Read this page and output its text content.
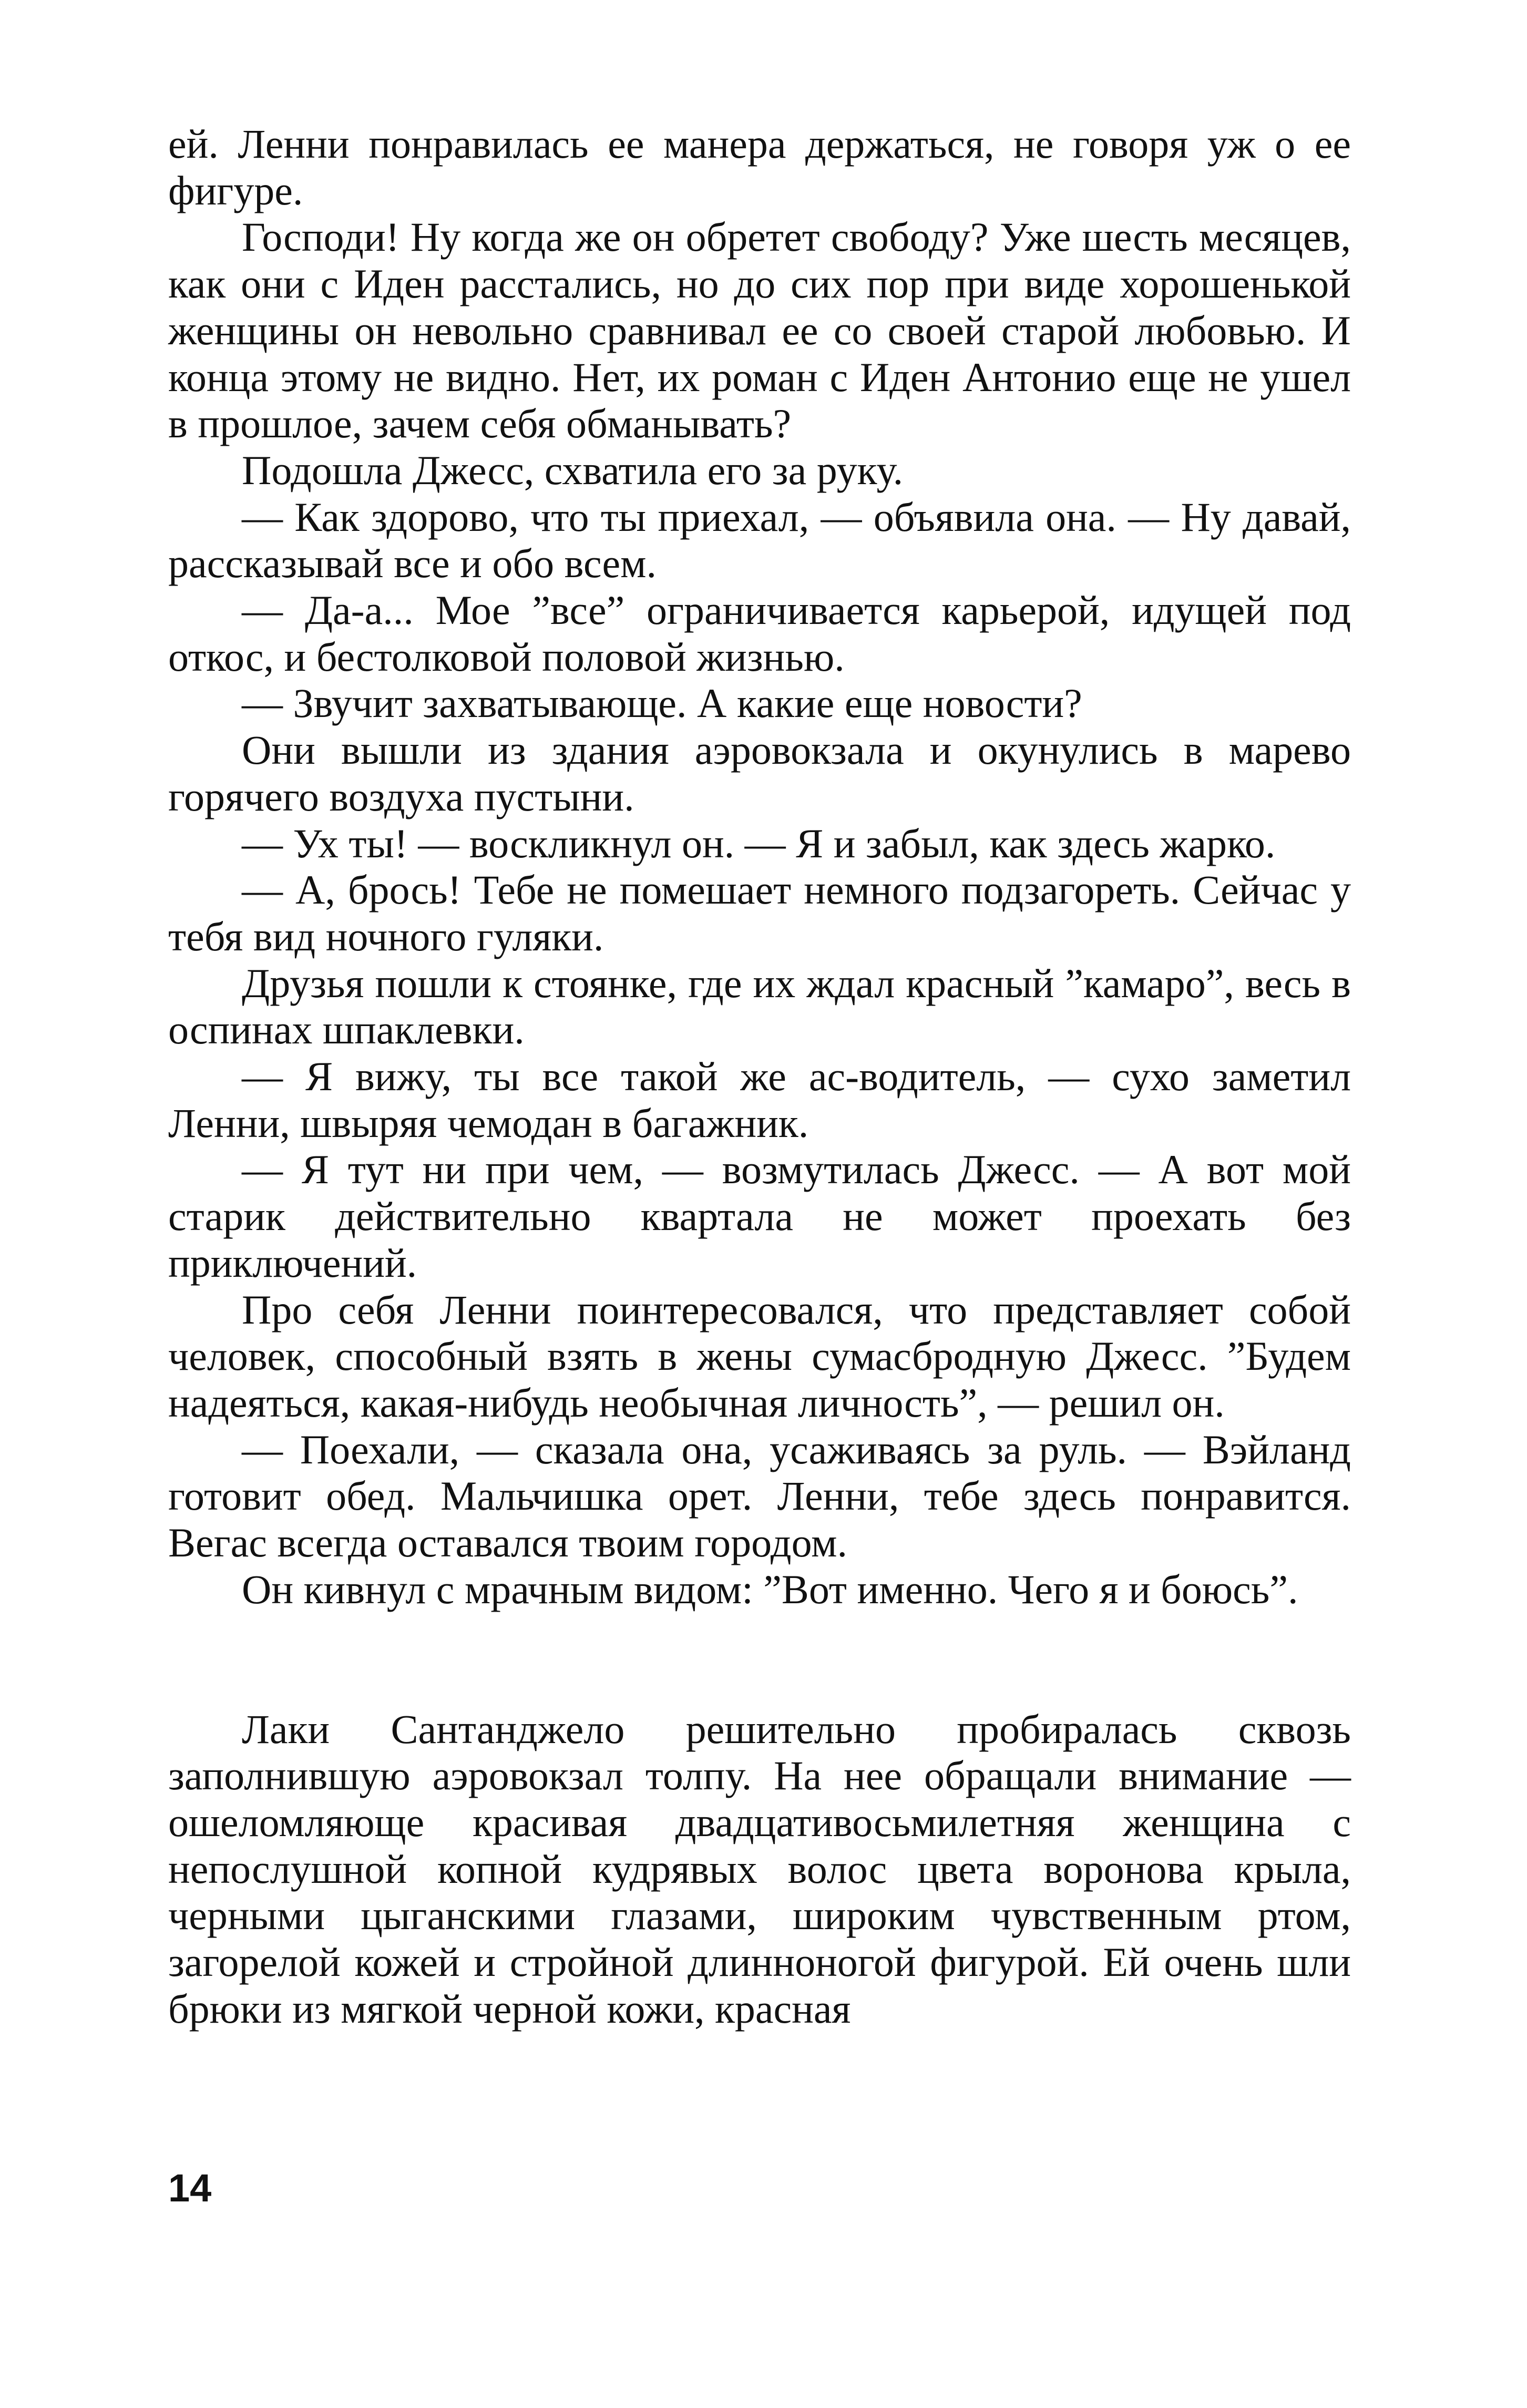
ей. Ленни понравилась ее манера держаться, не говоря уж о ее фигуре.

Господи! Ну когда же он обретет свободу? Уже шесть месяцев, как они с Иден расстались, но до сих пор при виде хорошенькой женщины он невольно сравнивал ее со своей старой любовью. И конца этому не видно. Нет, их роман с Иден Антонио еще не ушел в прошлое, зачем себя обманывать?

Подошла Джесс, схватила его за руку.

— Как здорово, что ты приехал, — объявила она. — Ну давай, рассказывай все и обо всем.

— Да-а... Мое ”все” ограничивается карьерой, идущей под откос, и бестолковой половой жизнью.

— Звучит захватывающе. А какие еще новости?

Они вышли из здания аэровокзала и окунулись в марево горячего воздуха пустыни.

— Ух ты! — воскликнул он. — Я и забыл, как здесь жарко.

— А, брось! Тебе не помешает немного подзагореть. Сейчас у тебя вид ночного гуляки.

Друзья пошли к стоянке, где их ждал красный ”камаро”, весь в оспинах шпаклевки.

— Я вижу, ты все такой же ас-водитель, — сухо заметил Ленни, швыряя чемодан в багажник.

— Я тут ни при чем, — возмутилась Джесс. — А вот мой старик действительно квартала не может проехать без приключений.

Про себя Ленни поинтересовался, что представляет собой человек, способный взять в жены сумасбродную Джесс. ”Будем надеяться, какая-нибудь необычная личность”, — решил он.

— Поехали, — сказала она, усаживаясь за руль. — Вэйланд готовит обед. Мальчишка орет. Ленни, тебе здесь понравится. Вегас всегда оставался твоим городом.

Он кивнул с мрачным видом: ”Вот именно. Чего я и боюсь”.

Лаки Сантанджело решительно пробиралась сквозь заполнившую аэровокзал толпу. На нее обращали внимание — ошеломляюще красивая двадцативосьмилетняя женщина с непослушной копной кудрявых волос цвета воронова крыла, черными цыганскими глазами, широким чувственным ртом, загорелой кожей и стройной длинноногой фигурой. Ей очень шли брюки из мягкой черной кожи, красная

14
